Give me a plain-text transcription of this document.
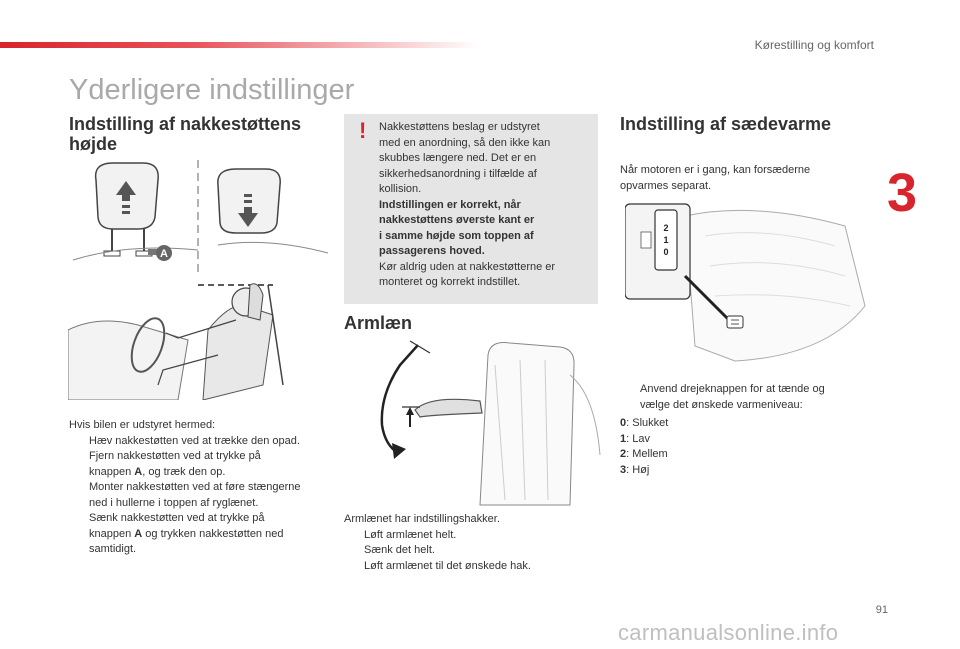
Kørestilling og komfort
3
Yderligere indstillinger
Indstilling af nakkestøttens
højde
A
Hvis bilen er udstyret hermed:
Hæv nakkestøtten ved at trække den opad.
Fjern nakkestøtten ved at trykke på
knappen A, og træk den op.
Monter nakkestøtten ved at føre stængerne
ned i hullerne i toppen af ryglænet.
Sænk nakkestøtten ved at trykke på
knappen A og trykken nakkestøtten ned
samtidigt.
! Nakkestøttens beslag er udstyret
med en anordning, så den ikke kan
skubbes længere ned. Det er en
sikkerhedsanordning i tilfælde af
kollision.
Indstillingen er korrekt, når
nakkestøttens øverste kant er
i samme højde som toppen af
passagerens hoved.
Kør aldrig uden at nakkestøtterne er
monteret og korrekt indstillet.
Armlæn
Armlænet har indstillingshakker.
Løft armlænet helt.
Sænk det helt.
Løft armlænet til det ønskede hak.
Indstilling af sædevarme
Når motoren er i gang, kan forsæderne
opvarmes separat.
2
1
0
Anvend drejeknappen for at tænde og
vælge det ønskede varmeniveau:
0: Slukket
1: Lav
2: Mellem
3: Høj
91
carmanualsonline.info
